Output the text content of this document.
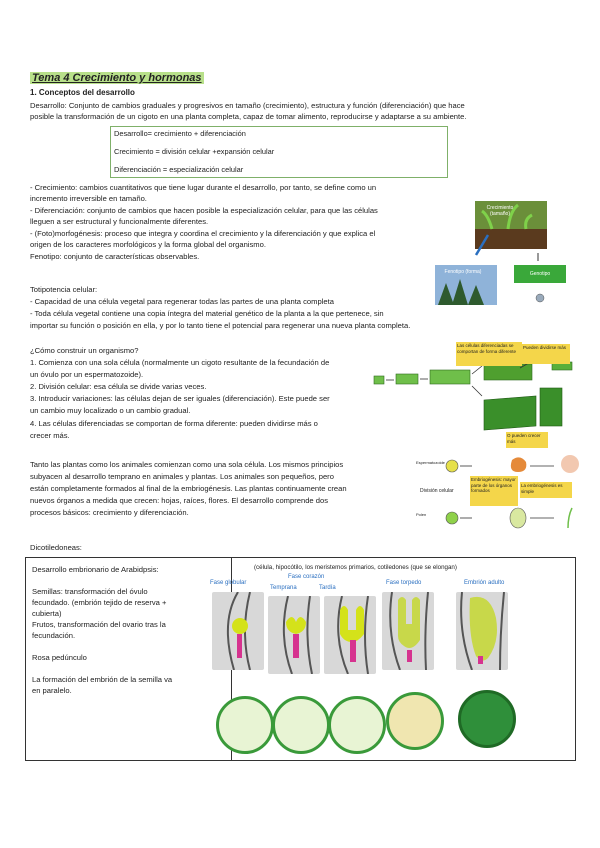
Tema 4 Crecimiento y hormonas
1. Conceptos del desarrollo
Desarrollo: Conjunto de cambios graduales y progresivos en tamaño (crecimiento), estructura y función (diferenciación) que hace
posible la transformación de un cigoto en una planta completa, capaz de tomar alimento, reproducirse y adaptarse a su ambiente.
Desarrollo= crecimiento + diferenciación
Crecimiento = división celular +expansión celular
Diferenciación = especialización celular
- Crecimiento: cambios cuantitativos que tiene lugar durante el desarrollo, por tanto, se define como un
incremento irreversible en tamaño.
- Diferenciación: conjunto de cambios que hacen posible la especialización celular, para que las células
lleguen a ser estructural y funcionalmente diferentes.
- (Foto)morfogénesis: proceso que integra y coordina el crecimiento y la diferenciación y que explica el
origen de los caracteres morfológicos y la forma global del organismo.
Fenotipo: conjunto de características observables.
Crecimiento (tamaño)
Fenotipo (forma)	Genotipo
Totipotencia celular:
- Capacidad de una célula vegetal para regenerar todas las partes de una planta completa
- Toda célula vegetal contiene una copia íntegra del material genético de la planta a la que pertenece, sin
importar su función o posición en ella, y por lo tanto tiene el potencial para regenerar una nueva planta completa.
¿Cómo construir un organismo?
1. Comienza con una sola célula (normalmente un cigoto resultante de la fecundación de
un óvulo por un espermatozoide).
2. División celular: esa célula se divide varias veces.
3. Introducir variaciones: las células dejan de ser iguales (diferenciación). Este puede ser
un cambio muy localizado o un cambio gradual.
4. Las células diferenciadas se comportan de forma diferente: pueden dividirse más o
crecer más.
Las células diferenciadas se comportan de forma diferente
Pueden dividirse más
O pueden crecer más
Tanto las plantas como los animales comienzan como una sola célula. Los mismos principios
subyacen al desarrollo temprano en animales y plantas. Los animales son pequeños, pero
están completamente formados al final de la embriogénesis. Las plantas continuamente crean
nuevos órganos a medida que crecen: hojas, raíces, flores. El desarrollo comprende dos
procesos básicos: crecimiento y diferenciación.
Espermatozoide
Polen
División celular
Embriogénesis: mayor parte de los órganos formados
La embriogénesis es simple
Dicotiledoneas:
Desarrollo embrionario de Arabidpsis:
Semillas: transformación del óvulo
fecundado. (embrión tejido de reserva +
cubierta)
Frutos, transformación del ovario tras la
fecundación.
Rosa pedúnculo
La formación del embrión de la semilla va
en paralelo.
(célula, hipocótilo, los meristemos primarios, cotiledones (que se elongan)
Fase globular
Fase corazón
Temprana	Tardía
Fase torpedo	Embrión adulto
